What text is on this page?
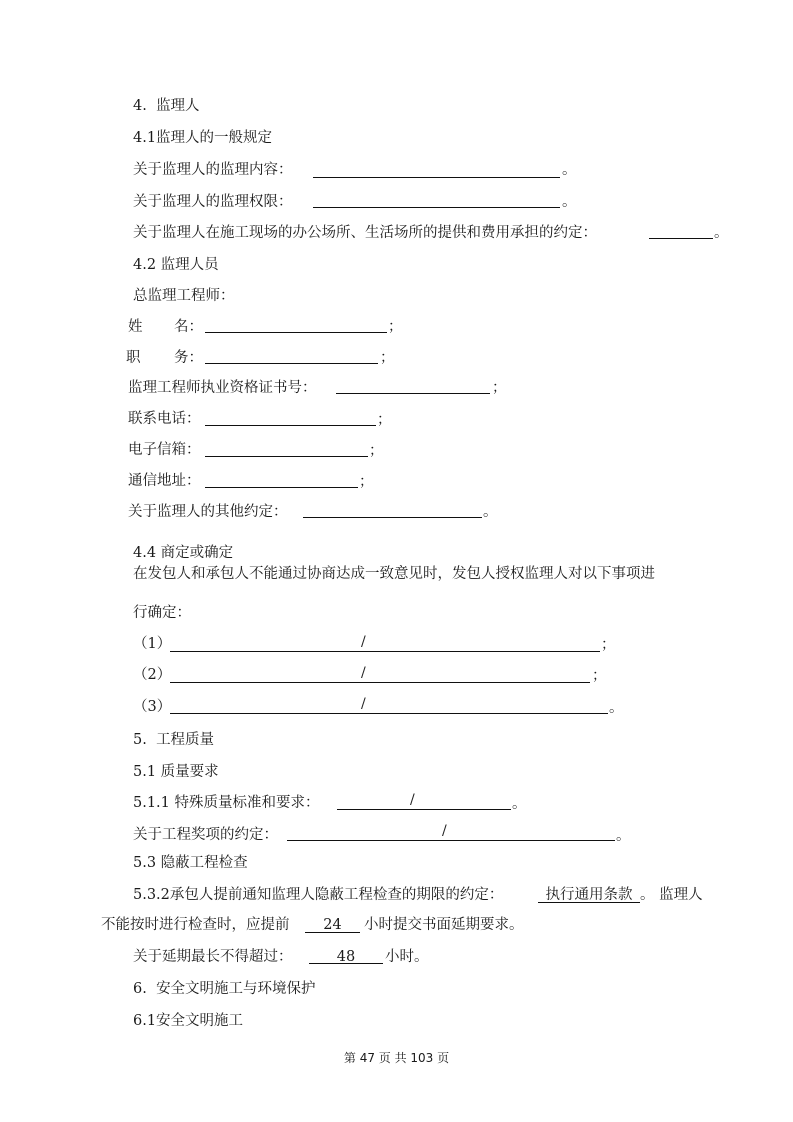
4. 监理人
4.1监理人的一般规定
关于监理人的监理内容：	。
关于监理人的监理权限：	。
关于监理人在施工现场的办公场所、生活场所的提供和费用承担的约定：	。
4.2 监理人员
总监理工程师：
姓 名：	；
职 务：	；
监理工程师执业资格证书号：	；
联系电话：	；
电子信箱：	；
通信地址：	；
关于监理人的其他约定：	。
4.4 商定或确定
在发包人和承包人不能通过协商达成一致意见时，发包人授权监理人对以下事项进
行确定：
（1）	/	；
（2）	/	；
（3）	/	。
5. 工程质量
5.1 质量要求
5.1.1 特殊质量标准和要求：	/	。
关于工程奖项的约定：	/	。
5.3 隐蔽工程检查
5.3.2承包人提前通知监理人隐蔽工程检查的期限的约定：	执行通用条款 。 监理人
不能按时进行检查时，应提前	24	小时提交书面延期要求。
关于延期最长不得超过：	48	小时。
6. 安全文明施工与环境保护
6.1安全文明施工
第 47 页 共 103 页
